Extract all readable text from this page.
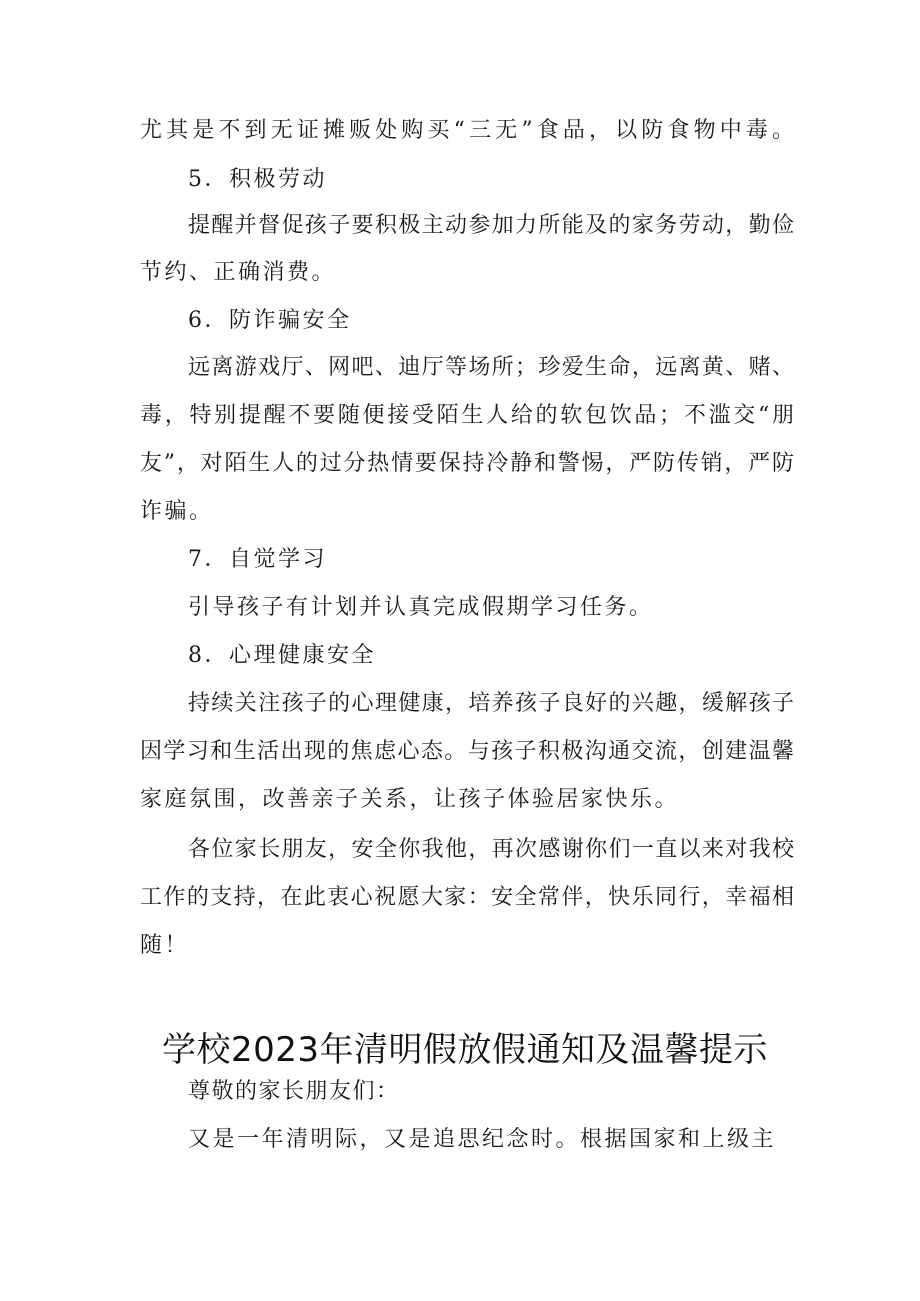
尤其是不到无证摊贩处购买“三无”食品，以防食物中毒。
5．积极劳动
提醒并督促孩子要积极主动参加力所能及的家务劳动，勤俭
节约、正确消费。
6．防诈骗安全
远离游戏厅、网吧、迪厅等场所；珍爱生命，远离黄、赌、
毒，特别提醒不要随便接受陌生人给的软包饮品；不滥交“朋
友”，对陌生人的过分热情要保持冷静和警惕，严防传销，严防
诈骗。
7．自觉学习
引导孩子有计划并认真完成假期学习任务。
8．心理健康安全
持续关注孩子的心理健康，培养孩子良好的兴趣，缓解孩子
因学习和生活出现的焦虑心态。与孩子积极沟通交流，创建温馨
家庭氛围，改善亲子关系，让孩子体验居家快乐。
各位家长朋友，安全你我他，再次感谢你们一直以来对我校
工作的支持，在此衷心祝愿大家：安全常伴，快乐同行，幸福相
随！
学校2023年清明假放假通知及温馨提示
尊敬的家长朋友们：
又是一年清明际，又是追思纪念时。根据国家和上级主
